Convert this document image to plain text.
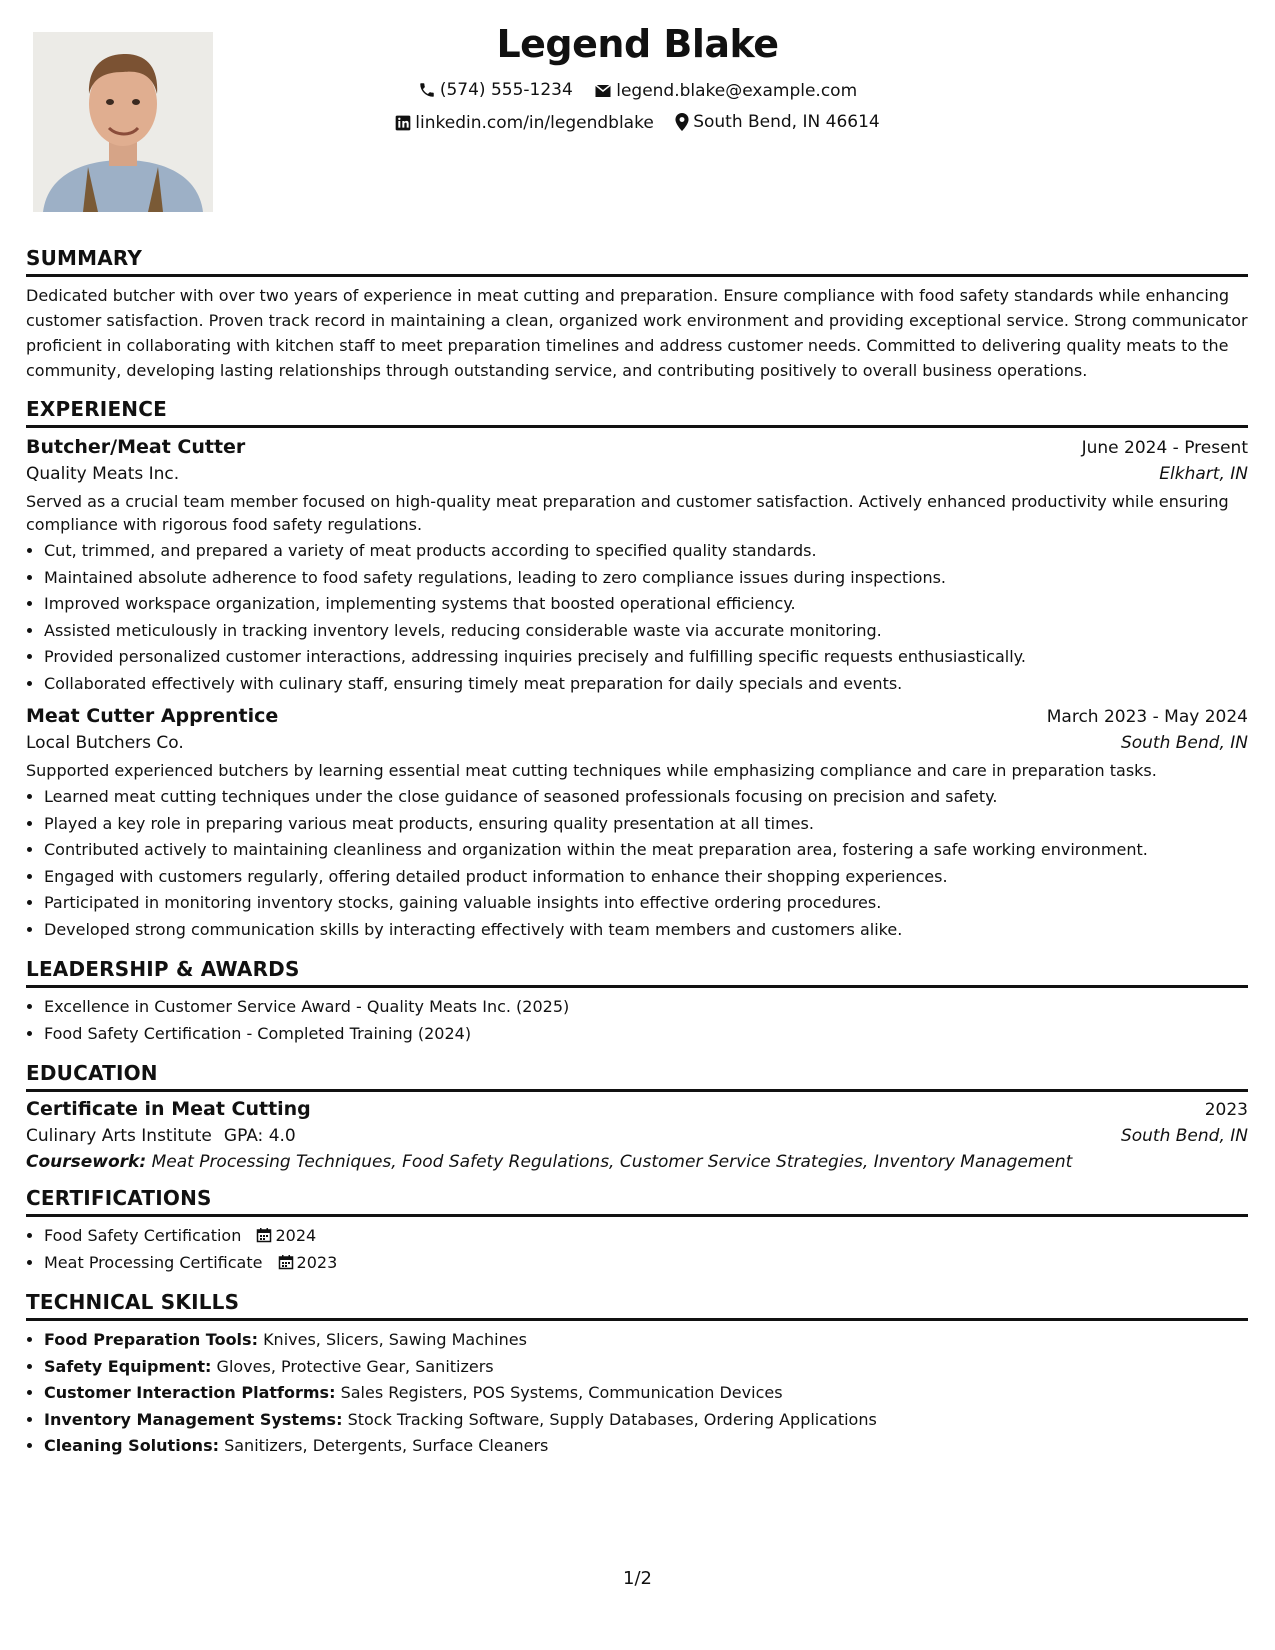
Legend Blake
(574) 555-1234
	legend.blake@example.com
linkedin.com/in/legendblake
South Bend, IN 46614
SUMMARY

Dedicated butcher with over two years of experience in meat cutting and preparation. Ensure compliance with food safety standards while enhancing customer satisfaction. Proven track record in maintaining a clean, organized work environment and providing exceptional service. Strong communicator proficient in collaborating with kitchen staff to meet preparation timelines and address customer needs. Committed to delivering quality meats to the community, developing lasting relationships through outstanding service, and contributing positively to overall business operations.

EXPERIENCE
Butcher/Meat Cutter	June 2024 - Present
Quality Meats Inc.	Elkhart, IN

Served as a crucial team member focused on high-quality meat preparation and customer satisfaction. Actively enhanced productivity while ensuring compliance with rigorous food safety regulations.

• Cut, trimmed, and prepared a variety of meat products according to specified quality standards.
• Maintained absolute adherence to food safety regulations, leading to zero compliance issues during inspections.
• Improved workspace organization, implementing systems that boosted operational efficiency.
• Assisted meticulously in tracking inventory levels, reducing considerable waste via accurate monitoring.
• Provided personalized customer interactions, addressing inquiries precisely and fulfilling specific requests enthusiastically.
• Collaborated effectively with culinary staff, ensuring timely meat preparation for daily specials and events.
Meat Cutter Apprentice	March 2023 - May 2024
Local Butchers Co.	South Bend, IN

Supported experienced butchers by learning essential meat cutting techniques while emphasizing compliance and care in preparation tasks.

• Learned meat cutting techniques under the close guidance of seasoned professionals focusing on precision and safety.
• Played a key role in preparing various meat products, ensuring quality presentation at all times.
• Contributed actively to maintaining cleanliness and organization within the meat preparation area, fostering a safe working environment.
• Engaged with customers regularly, offering detailed product information to enhance their shopping experiences.
• Participated in monitoring inventory stocks, gaining valuable insights into effective ordering procedures.
• Developed strong communication skills by interacting effectively with team members and customers alike.
LEADERSHIP & AWARDS
• Excellence in Customer Service Award - Quality Meats Inc. (2025)
• Food Safety Certification - Completed Training (2024)
EDUCATION
Certificate in Meat Cutting	2023
Culinary Arts Institute GPA: 4.0	South Bend, IN
Coursework: Meat Processing Techniques, Food Safety Regulations, Customer Service Strategies, Inventory Management
CERTIFICATIONS
• Food Safety Certification 2024
• Meat Processing Certificate 2023
TECHNICAL SKILLS
• Food Preparation Tools: Knives, Slicers, Sawing Machines
• Safety Equipment: Gloves, Protective Gear, Sanitizers
• Customer Interaction Platforms: Sales Registers, POS Systems, Communication Devices
• Inventory Management Systems: Stock Tracking Software, Supply Databases, Ordering Applications
• Cleaning Solutions: Sanitizers, Detergents, Surface Cleaners
1/2
